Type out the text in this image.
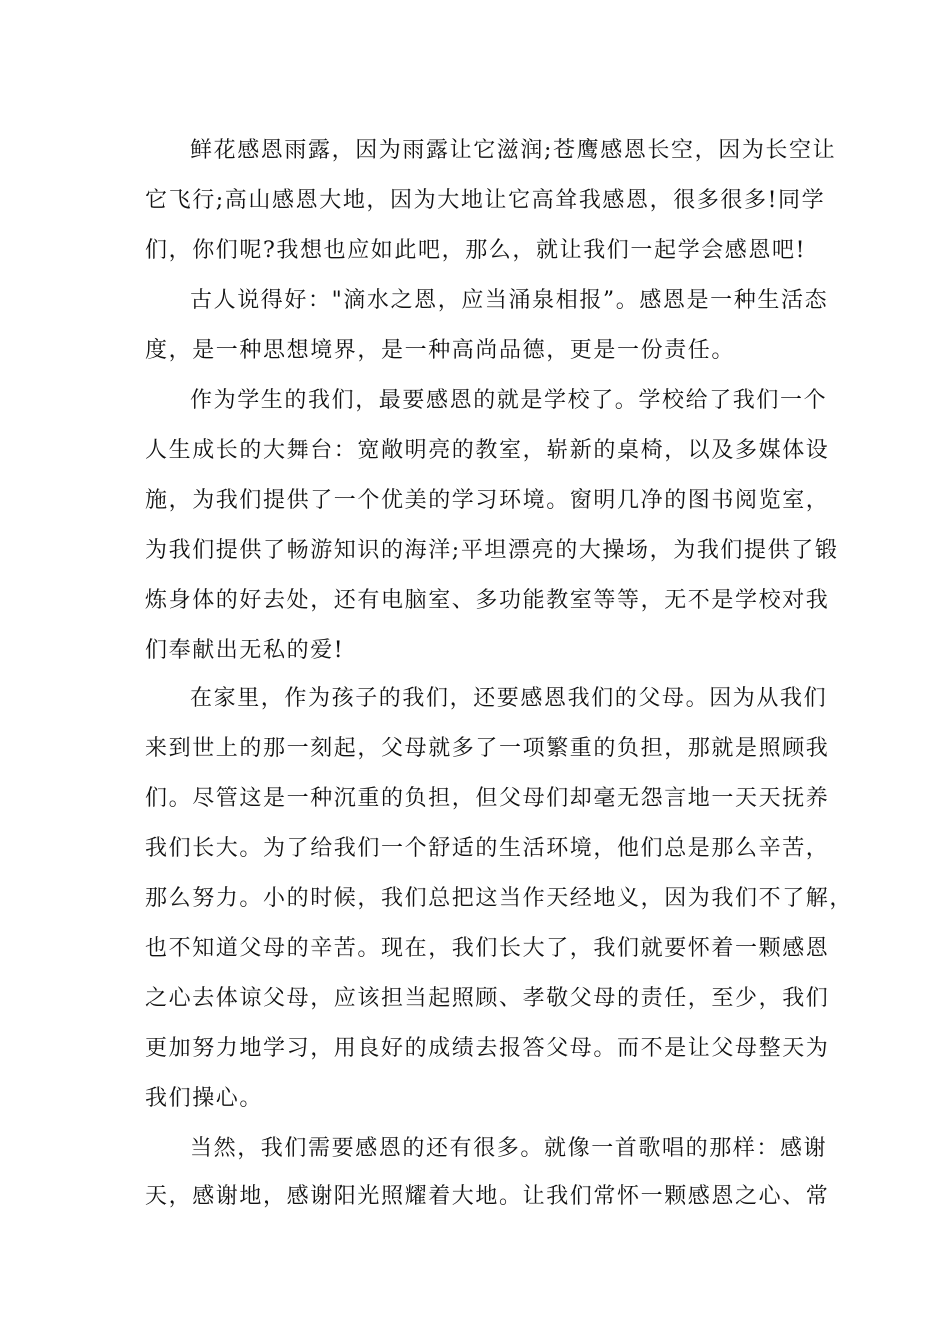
鲜花感恩雨露，因为雨露让它滋润;苍鹰感恩长空，因为长空让
它飞行;高山感恩大地，因为大地让它高耸我感恩，很多很多!同学
们，你们呢?我想也应如此吧，那么，就让我们一起学会感恩吧!
古人说得好："滴水之恩，应当涌泉相报”。感恩是一种生活态
度，是一种思想境界，是一种高尚品德，更是一份责任。
作为学生的我们，最要感恩的就是学校了。学校给了我们一个
人生成长的大舞台：宽敞明亮的教室，崭新的桌椅，以及多媒体设
施，为我们提供了一个优美的学习环境。窗明几净的图书阅览室，
为我们提供了畅游知识的海洋;平坦漂亮的大操场，为我们提供了锻
炼身体的好去处，还有电脑室、多功能教室等等，无不是学校对我
们奉献出无私的爱!
在家里，作为孩子的我们，还要感恩我们的父母。因为从我们
来到世上的那一刻起，父母就多了一项繁重的负担，那就是照顾我
们。尽管这是一种沉重的负担，但父母们却毫无怨言地一天天抚养
我们长大。为了给我们一个舒适的生活环境，他们总是那么辛苦，
那么努力。小的时候，我们总把这当作天经地义，因为我们不了解，
也不知道父母的辛苦。现在，我们长大了，我们就要怀着一颗感恩
之心去体谅父母，应该担当起照顾、孝敬父母的责任，至少，我们
更加努力地学习，用良好的成绩去报答父母。而不是让父母整天为
我们操心。
当然，我们需要感恩的还有很多。就像一首歌唱的那样：感谢
天，感谢地，感谢阳光照耀着大地。让我们常怀一颗感恩之心、常
